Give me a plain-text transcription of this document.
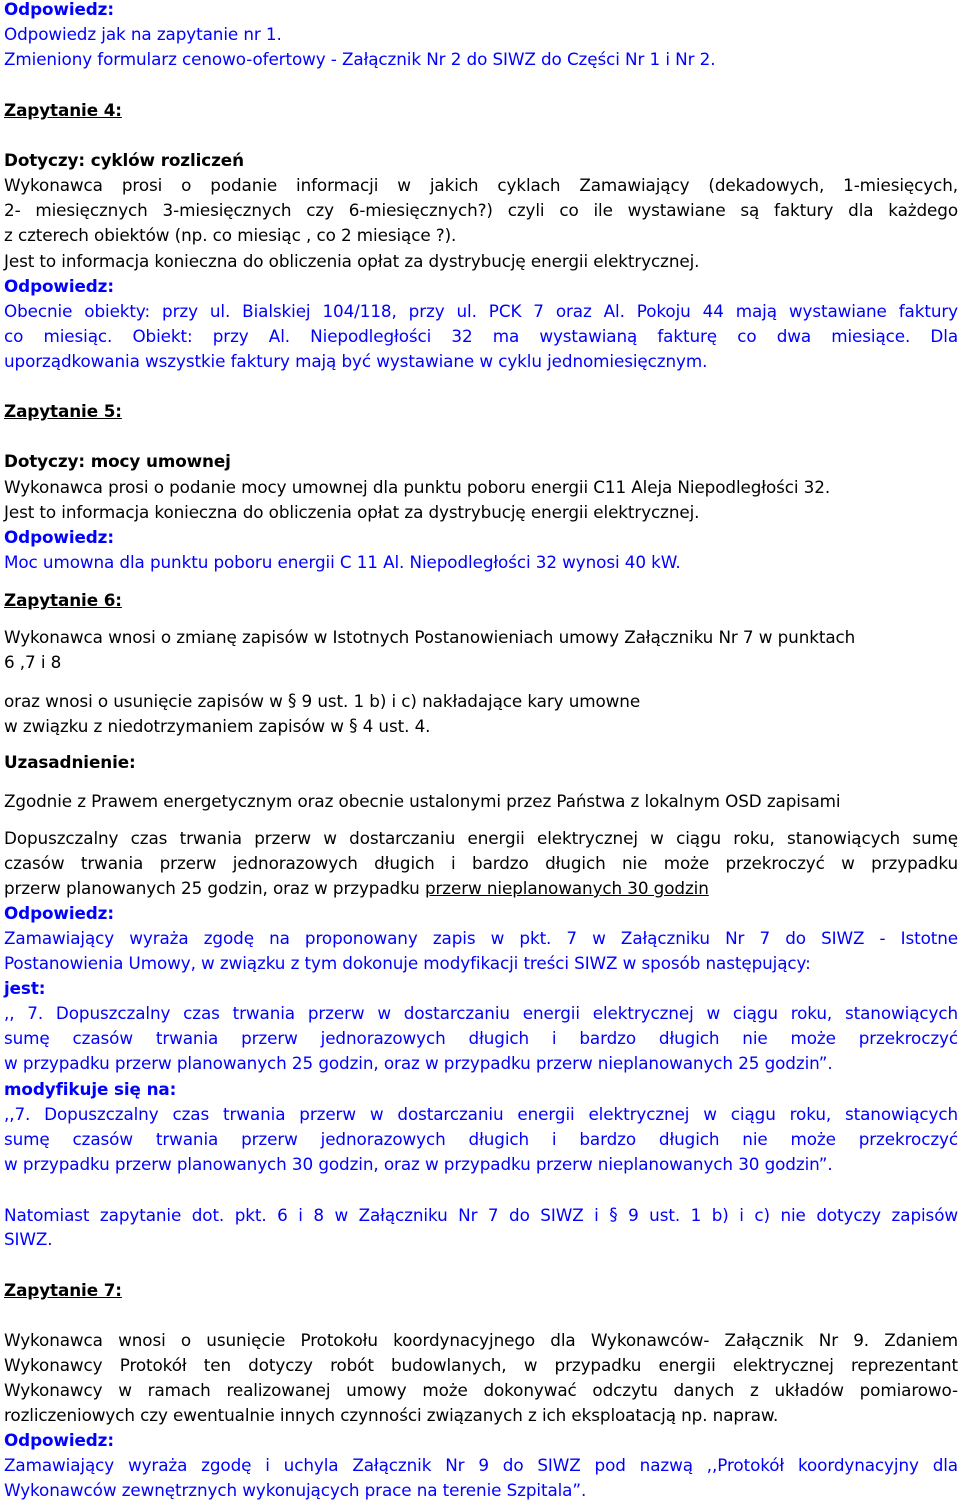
Odpowiedz:
Odpowiedz jak na zapytanie nr 1.
Zmieniony formularz cenowo-ofertowy - Załącznik Nr 2 do SIWZ do Części Nr 1 i Nr 2.
Zapytanie 4:
Dotyczy: cyklów rozliczeń
Wykonawca prosi o podanie informacji w jakich cyklach Zamawiający (dekadowych, 1-miesięcych,
2- miesięcznych 3-miesięcznych czy 6-miesięcznych?) czyli co ile wystawiane są faktury dla każdego
z czterech obiektów (np. co miesiąc , co 2 miesiące ?).
Jest to informacja konieczna do obliczenia opłat za dystrybucję energii elektrycznej.
Odpowiedz:
Obecnie obiekty: przy ul. Bialskiej 104/118, przy ul. PCK 7 oraz Al. Pokoju 44 mają wystawiane faktury
co miesiąc. Obiekt: przy Al. Niepodległości 32 ma wystawianą fakturę co dwa miesiące. Dla
uporządkowania wszystkie faktury mają być wystawiane w cyklu jednomiesięcznym.
Zapytanie 5:
Dotyczy: mocy umownej
Wykonawca prosi o podanie mocy umownej dla punktu poboru energii C11 Aleja Niepodległości 32.
Jest to informacja konieczna do obliczenia opłat za dystrybucję energii elektrycznej.
Odpowiedz:
Moc umowna dla punktu poboru energii C 11 Al. Niepodległości 32 wynosi 40 kW.
Zapytanie 6:
Wykonawca wnosi o zmianę zapisów w Istotnych Postanowieniach umowy Załączniku Nr 7 w punktach
6 ,7 i 8
oraz wnosi o usunięcie zapisów w § 9 ust. 1 b) i c) nakładające kary umowne
w związku z niedotrzymaniem zapisów w § 4 ust. 4.
Uzasadnienie:
Zgodnie z Prawem energetycznym oraz obecnie ustalonymi przez Państwa z lokalnym OSD zapisami
Dopuszczalny czas trwania przerw w dostarczaniu energii elektrycznej w ciągu roku, stanowiących sumę
czasów trwania przerw jednorazowych długich i bardzo długich nie może przekroczyć w przypadku
przerw planowanych 25 godzin, oraz w przypadku przerw nieplanowanych 30 godzin
Odpowiedz:
Zamawiający wyraża zgodę na proponowany zapis w pkt. 7 w Załączniku Nr 7 do SIWZ - Istotne
Postanowienia Umowy, w związku z tym dokonuje modyfikacji treści SIWZ w sposób następujący:
jest:
,, 7. Dopuszczalny czas trwania przerw w dostarczaniu energii elektrycznej w ciągu roku, stanowiących
sumę czasów trwania przerw jednorazowych długich i bardzo długich nie może przekroczyć
w przypadku przerw planowanych 25 godzin, oraz w przypadku przerw nieplanowanych 25 godzin”.
modyfikuje się na:
,,7. Dopuszczalny czas trwania przerw w dostarczaniu energii elektrycznej w ciągu roku, stanowiących
sumę czasów trwania przerw jednorazowych długich i bardzo długich nie może przekroczyć
w przypadku przerw planowanych 30 godzin, oraz w przypadku przerw nieplanowanych 30 godzin”.
Natomiast zapytanie dot. pkt. 6 i 8 w Załączniku Nr 7 do SIWZ i § 9 ust. 1 b) i c) nie dotyczy zapisów
SIWZ.
Zapytanie 7:
Wykonawca wnosi o usunięcie Protokołu koordynacyjnego dla Wykonawców- Załącznik Nr 9. Zdaniem
Wykonawcy Protokół ten dotyczy robót budowlanych, w przypadku energii elektrycznej reprezentant
Wykonawcy w ramach realizowanej umowy może dokonywać odczytu danych z układów pomiarowo-
rozliczeniowych czy ewentualnie innych czynności związanych z ich eksploatacją np. napraw.
Odpowiedz:
Zamawiający wyraża zgodę i uchyla Załącznik Nr 9 do SIWZ pod nazwą ,,Protokół koordynacyjny dla
Wykonawców zewnętrznych wykonujących prace na terenie Szpitala”.
